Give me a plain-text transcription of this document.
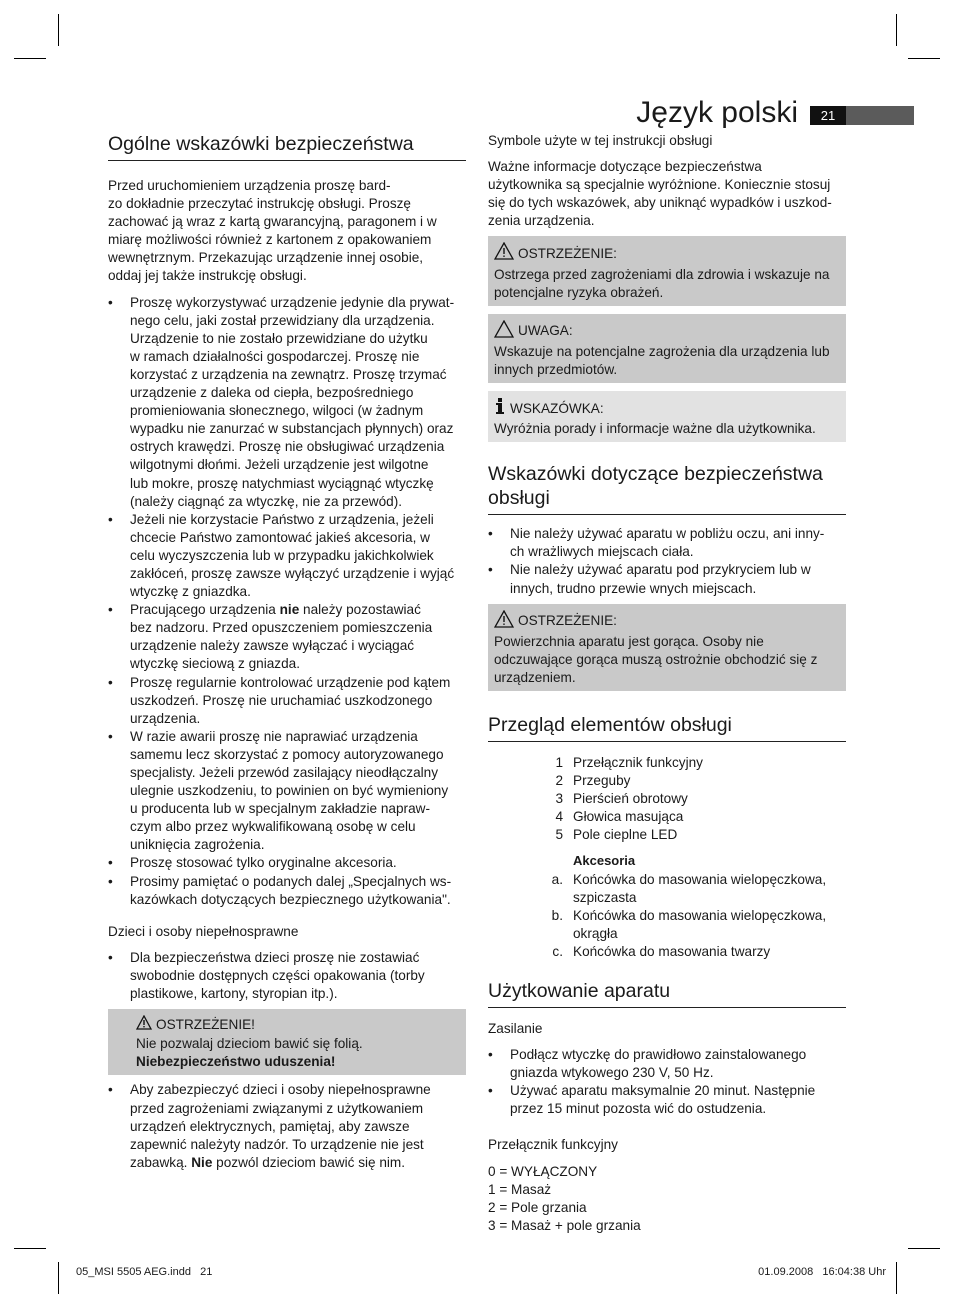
Język polski	21
Ogólne wskazówki bezpieczeństwa
Przed uruchomieniem urządzenia proszę bard-
zo dokładnie przeczytać instrukcję obsługi. Proszę
zachować ją wraz z kartą gwarancyjną, paragonem i w
miarę możliwości również z kartonem z opakowaniem
wewnętrznym. Przekazując urządzenie innej osobie,
oddaj jej także instrukcję obsługi.
• Proszę wykorzystywać urządzenie jedynie dla prywat-
nego celu, jaki został przewidziany dla urządzenia.
Urządzenie to nie zostało przewidziane do użytku
w ramach działalności gospodarczej. Proszę nie
korzystać z urządzenia na zewnątrz. Proszę trzymać
urządzenie z daleka od ciepła, bezpośredniego
promieniowania słonecznego, wilgoci (w żadnym
wypadku nie zanurzać w substancjach płynnych) oraz
ostrych krawędzi. Proszę nie obsługiwać urządzenia
wilgotnymi dłońmi. Jeżeli urządzenie jest wilgotne
lub mokre, proszę natychmiast wyciągnąć wtyczkę
(należy ciągnąć za wtyczkę, nie za przewód).
• Jeżeli nie korzystacie Państwo z urządzenia, jeżeli
chcecie Państwo zamontować jakieś akcesoria, w
celu wyczyszczenia lub w przypadku jakichkolwiek
zakłóceń, proszę zawsze wyłączyć urządzenie i wyjąć
wtyczkę z gniazdka.
• Pracującego urządzenia nie należy pozostawiać
bez nadzoru. Przed opuszczeniem pomieszczenia
urządzenie należy zawsze wyłączać i wyciągać
wtyczkę sieciową z gniazda.
• Proszę regularnie kontrolować urządzenie pod kątem
uszkodzeń. Proszę nie uruchamiać uszkodzonego
urządzenia.
• W razie awarii proszę nie naprawiać urządzenia
samemu lecz skorzystać z pomocy autoryzowanego
specjalisty. Jeżeli przewód zasilający nieodłączalny
ulegnie uszkodzeniu, to powinien on być wymieniony
u producenta lub w specjalnym zakładzie napraw-
czym albo przez wykwalifikowaną osobę w celu
uniknięcia zagrożenia.
• Proszę stosować tylko oryginalne akcesoria.
• Prosimy pamiętać o podanych dalej „Specjalnych ws-
kazówkach dotyczących bezpiecznego użytkowania".
Dzieci i osoby niepełnosprawne
• Dla bezpieczeństwa dzieci proszę nie zostawiać
swobodnie dostępnych części opakowania (torby
plastikowe, kartony, styropian itp.).
OSTRZEŻENIE!
Nie pozwalaj dzieciom bawić się folią.
Niebezpieczeństwo uduszenia!
• Aby zabezpieczyć dzieci i osoby niepełnosprawne
przed zagrożeniami związanymi z użytkowaniem
urządzeń elektrycznych, pamiętaj, aby zawsze
zapewnić należyty nadzór. To urządzenie nie jest
zabawką. Nie pozwól dzieciom bawić się nim.
Symbole użyte w tej instrukcji obsługi
Ważne informacje dotyczące bezpieczeństwa
użytkownika są specjalnie wyróżnione. Koniecznie stosuj
się do tych wskazówek, aby uniknąć wypadków i uszkod-
zenia urządzenia.
OSTRZEŻENIE:
Ostrzega przed zagrożeniami dla zdrowia i wskazuje na
potencjalne ryzyka obrażeń.
UWAGA:
Wskazuje na potencjalne zagrożenia dla urządzenia lub
innych przedmiotów.
WSKAZÓWKA:
Wyróżnia porady i informacje ważne dla użytkownika.
Wskazówki dotyczące bezpieczeństwa obsługi
• Nie należy używać aparatu w pobliżu oczu, ani inny-
ch wrażliwych miejscach ciała.
• Nie należy używać aparatu pod przykryciem lub w
innych, trudno przewie wnych miejscach.
OSTRZEŻENIE:
Powierzchnia aparatu jest gorąca. Osoby nie
odczuwające gorąca muszą ostrożnie obchodzić się z
urządzeniem.
Przegląd elementów obsługi
1 Przełącznik funkcyjny
2 Przeguby
3 Pierścień obrotowy
4 Głowica masująca
5 Pole cieplne LED
Akcesoria
a. Końcówka do masowania wielopęczkowa, szpiczasta
b. Końcówka do masowania wielopęczkowa, okrągła
c. Końcówka do masowania twarzy
Użytkowanie aparatu
Zasilanie
• Podłącz wtyczkę do prawidłowo zainstalowanego
gniazda wtykowego 230 V, 50 Hz.
• Używać aparatu maksymalnie 20 minut. Następnie
przez 15 minut pozosta wić do ostudzenia.
Przełącznik funkcyjny
0 = WYŁĄCZONY
1 = Masaż
2 = Pole grzania
3 = Masaż + pole grzania
05_MSI 5505 AEG.indd   21	01.09.2008   16:04:38 Uhr
